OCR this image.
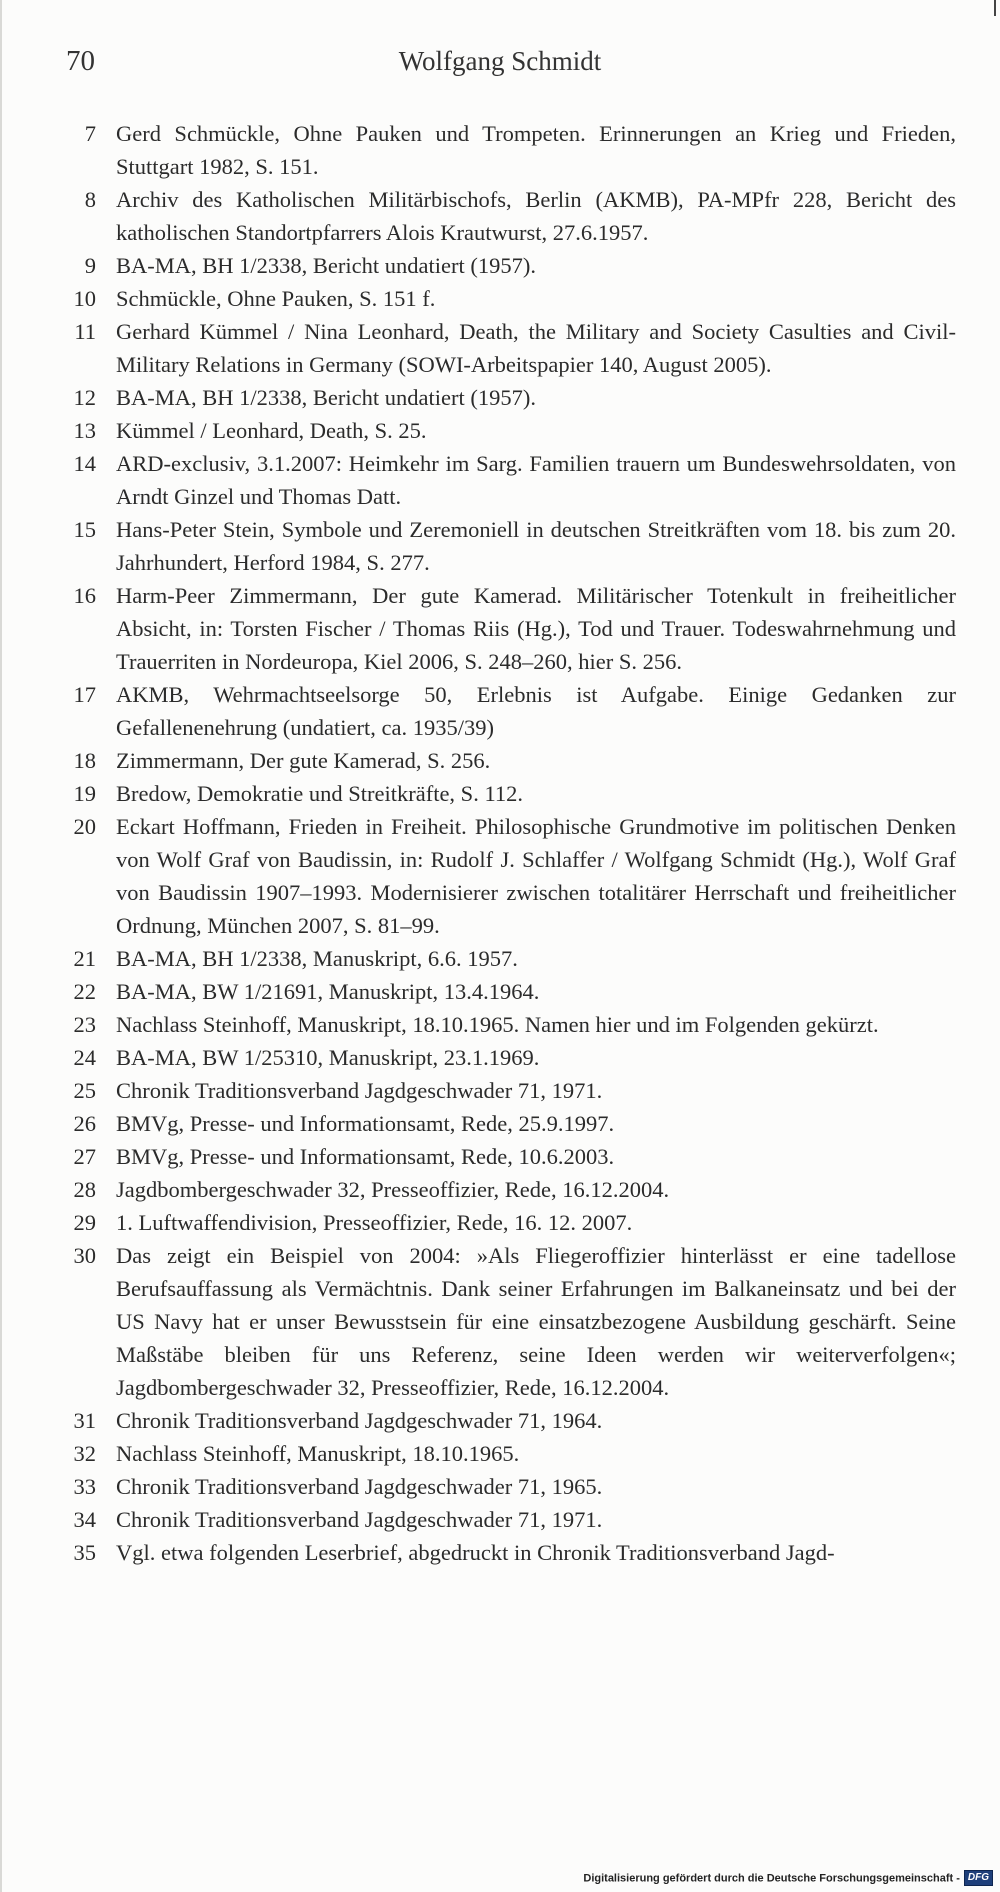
70	Wolfgang Schmidt
7 Gerd Schmückle, Ohne Pauken und Trompeten. Erinnerungen an Krieg und Frieden, Stuttgart 1982, S. 151.
8 Archiv des Katholischen Militärbischofs, Berlin (AKMB), PA-MPfr 228, Bericht des katholischen Standortpfarrers Alois Krautwurst, 27.6.1957.
9 BA-MA, BH 1/2338, Bericht undatiert (1957).
10 Schmückle, Ohne Pauken, S. 151 f.
11 Gerhard Kümmel / Nina Leonhard, Death, the Military and Society Casulties and Civil-Military Relations in Germany (SOWI-Arbeitspapier 140, August 2005).
12 BA-MA, BH 1/2338, Bericht undatiert (1957).
13 Kümmel / Leonhard, Death, S. 25.
14 ARD-exclusiv, 3.1.2007: Heimkehr im Sarg. Familien trauern um Bundeswehrsoldaten, von Arndt Ginzel und Thomas Datt.
15 Hans-Peter Stein, Symbole und Zeremoniell in deutschen Streitkräften vom 18. bis zum 20. Jahrhundert, Herford 1984, S. 277.
16 Harm-Peer Zimmermann, Der gute Kamerad. Militärischer Totenkult in freiheitlicher Absicht, in: Torsten Fischer / Thomas Riis (Hg.), Tod und Trauer. Todeswahrnehmung und Trauerriten in Nordeuropa, Kiel 2006, S. 248–260, hier S. 256.
17 AKMB, Wehrmachtseelsorge 50, Erlebnis ist Aufgabe. Einige Gedanken zur Gefallenenehrung (undatiert, ca. 1935/39)
18 Zimmermann, Der gute Kamerad, S. 256.
19 Bredow, Demokratie und Streitkräfte, S. 112.
20 Eckart Hoffmann, Frieden in Freiheit. Philosophische Grundmotive im politischen Denken von Wolf Graf von Baudissin, in: Rudolf J. Schlaffer / Wolfgang Schmidt (Hg.), Wolf Graf von Baudissin 1907–1993. Modernisierer zwischen totalitärer Herrschaft und freiheitlicher Ordnung, München 2007, S. 81–99.
21 BA-MA, BH 1/2338, Manuskript, 6.6. 1957.
22 BA-MA, BW 1/21691, Manuskript, 13.4.1964.
23 Nachlass Steinhoff, Manuskript, 18.10.1965. Namen hier und im Folgenden gekürzt.
24 BA-MA, BW 1/25310, Manuskript, 23.1.1969.
25 Chronik Traditionsverband Jagdgeschwader 71, 1971.
26 BMVg, Presse- und Informationsamt, Rede, 25.9.1997.
27 BMVg, Presse- und Informationsamt, Rede, 10.6.2003.
28 Jagdbombergeschwader 32, Presseoffizier, Rede, 16.12.2004.
29 1. Luftwaffendivision, Presseoffizier, Rede, 16. 12. 2007.
30 Das zeigt ein Beispiel von 2004: »Als Fliegeroffizier hinterlässt er eine tadellose Berufsauffassung als Vermächtnis. Dank seiner Erfahrungen im Balkaneinsatz und bei der US Navy hat er unser Bewusstsein für eine einsatzbezogene Ausbildung geschärft. Seine Maßstäbe bleiben für uns Referenz, seine Ideen werden wir weiterverfolgen«; Jagdbombergeschwader 32, Presseoffizier, Rede, 16.12.2004.
31 Chronik Traditionsverband Jagdgeschwader 71, 1964.
32 Nachlass Steinhoff, Manuskript, 18.10.1965.
33 Chronik Traditionsverband Jagdgeschwader 71, 1965.
34 Chronik Traditionsverband Jagdgeschwader 71, 1971.
35 Vgl. etwa folgenden Leserbrief, abgedruckt in Chronik Traditionsverband Jagd-
Digitalisierung gefördert durch die Deutsche Forschungsgemeinschaft - DFG
